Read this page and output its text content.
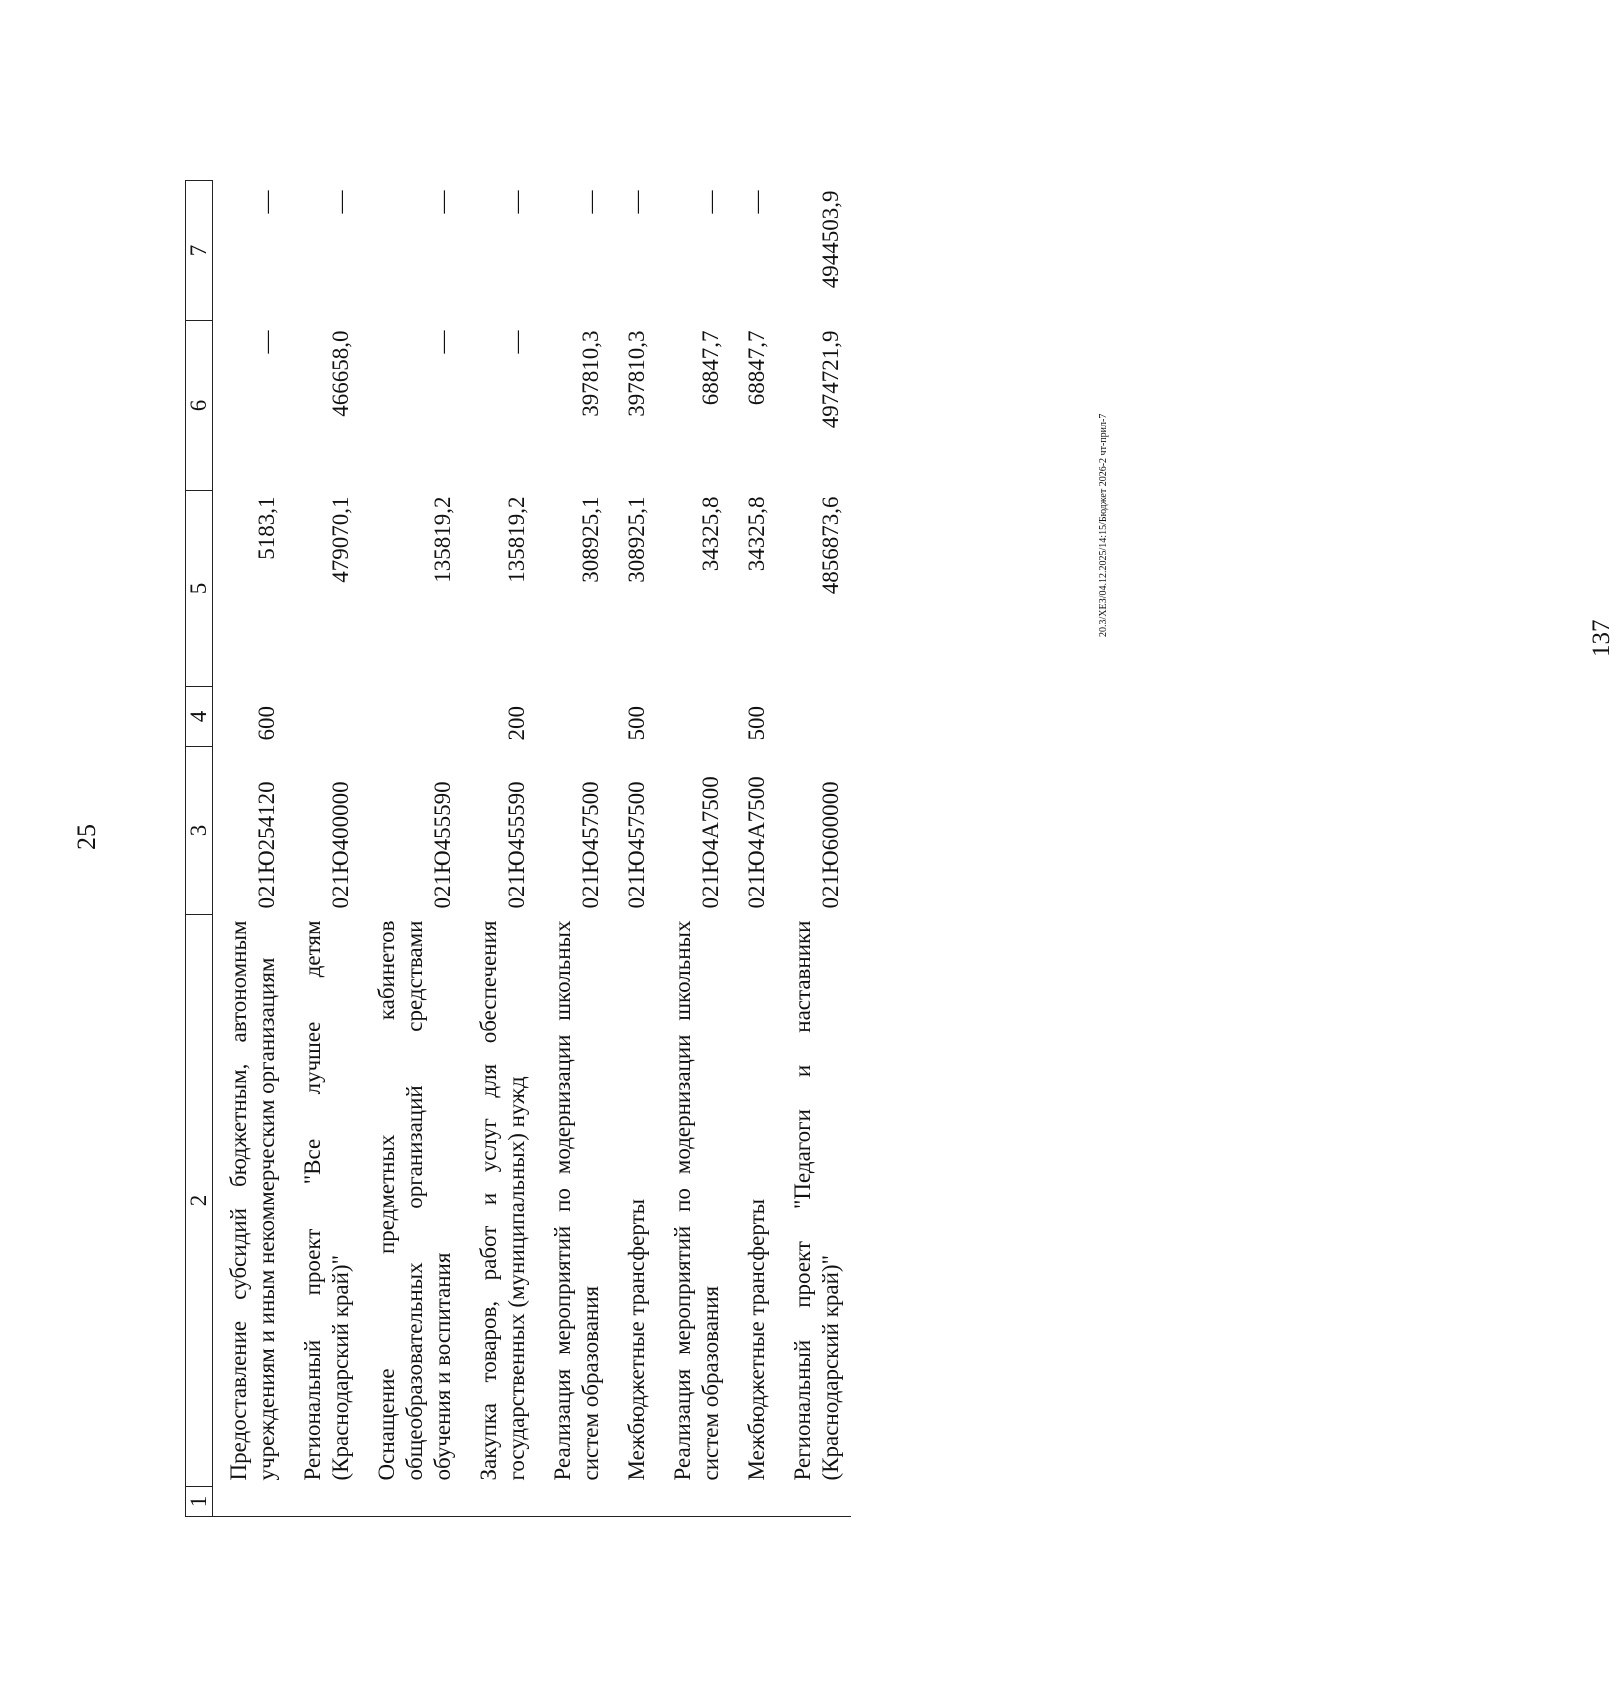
25
1	2	3	4	5	6	7
	Предоставление субсидий бюджетным, автономным учреждениям и иным некоммерческим организациям	021Ю254120	600	5183,1	—	—
	Региональный проект "Все лучшее детям (Краснодарский край)"	021Ю400000		479070,1	466658,0	—
	Оснащение предметных кабинетов общеобразовательных организаций средствами обучения и воспитания	021Ю455590		135819,2	—	—
	Закупка товаров, работ и услуг для обеспечения государственных (муниципальных) нужд	021Ю455590	200	135819,2	—	—
	Реализация мероприятий по модернизации школьных систем образования	021Ю457500		308925,1	397810,3	—
	Межбюджетные трансферты	021Ю457500	500	308925,1	397810,3	—
	Реализация мероприятий по модернизации школьных систем образования	021Ю4А7500		34325,8	68847,7	—
	Межбюджетные трансферты	021Ю4А7500	500	34325,8	68847,7	—
	Региональный проект "Педагоги и наставники (Краснодарский край)"	021Ю600000		4856873,6	4974721,9	4944503,9
20.3/ХЕЗ/04.12.2025/14:15/Бюджет 2026-2 чт-прил-7
137
